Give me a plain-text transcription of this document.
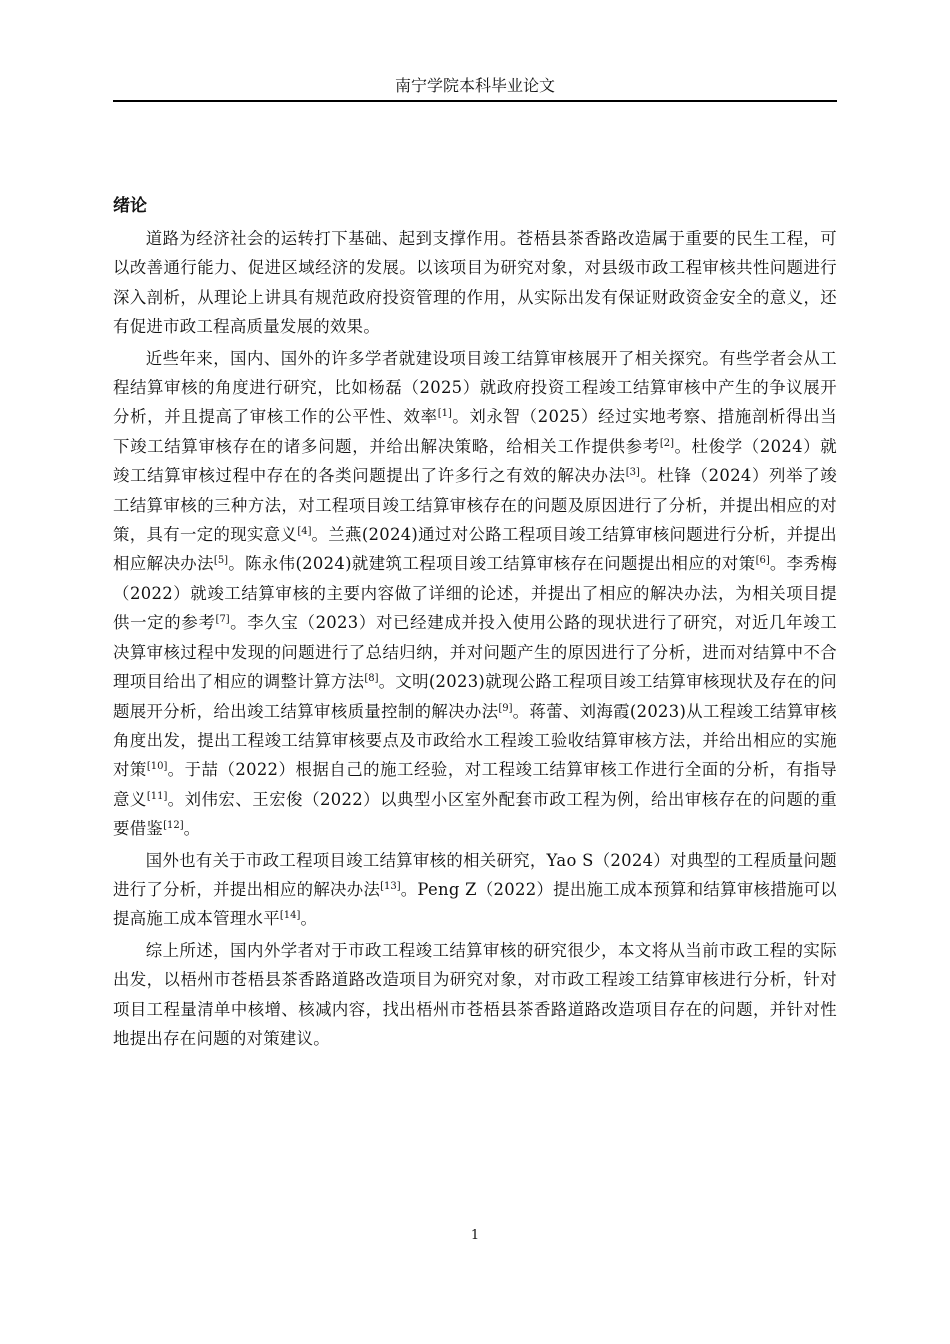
南宁学院本科毕业论文
绪论

道路为经济社会的运转打下基础、起到支撑作用。苍梧县茶香路改造属于重要的民生工程，可以改善通行能力、促进区域经济的发展。以该项目为研究对象，对县级市政工程审核共性问题进行深入剖析，从理论上讲具有规范政府投资管理的作用，从实际出发有保证财政资金安全的意义，还有促进市政工程高质量发展的效果。

近些年来，国内、国外的许多学者就建设项目竣工结算审核展开了相关探究。有些学者会从工程结算审核的角度进行研究，比如杨磊（2025）就政府投资工程竣工结算审核中产生的争议展开分析，并且提高了审核工作的公平性、效率[1]。刘永智（2025）经过实地考察、措施剖析得出当下竣工结算审核存在的诸多问题，并给出解决策略，给相关工作提供参考[2]。杜俊学（2024）就竣工结算审核过程中存在的各类问题提出了许多行之有效的解决办法[3]。杜锋（2024）列举了竣工结算审核的三种方法，对工程项目竣工结算审核存在的问题及原因进行了分析，并提出相应的对策，具有一定的现实意义[4]。兰燕(2024)通过对公路工程项目竣工结算审核问题进行分析，并提出相应解决办法[5]。陈永伟(2024)就建筑工程项目竣工结算审核存在问题提出相应的对策[6]。李秀梅（2022）就竣工结算审核的主要内容做了详细的论述，并提出了相应的解决办法，为相关项目提供一定的参考[7]。李久宝（2023）对已经建成并投入使用公路的现状进行了研究，对近几年竣工决算审核过程中发现的问题进行了总结归纳，并对问题产生的原因进行了分析，进而对结算中不合理项目给出了相应的调整计算方法[8]。文明(2023)就现公路工程项目竣工结算审核现状及存在的问题展开分析，给出竣工结算审核质量控制的解决办法[9]。蒋蕾、刘海霞(2023)从工程竣工结算审核角度出发，提出工程竣工结算审核要点及市政给水工程竣工验收结算审核方法，并给出相应的实施对策[10]。于喆（2022）根据自己的施工经验，对工程竣工结算审核工作进行全面的分析，有指导意义[11]。刘伟宏、王宏俊（2022）以典型小区室外配套市政工程为例，给出审核存在的问题的重要借鉴[12]。

国外也有关于市政工程项目竣工结算审核的相关研究，Yao S（2024）对典型的工程质量问题进行了分析，并提出相应的解决办法[13]。Peng Z（2022）提出施工成本预算和结算审核措施可以提高施工成本管理水平[14]。

综上所述，国内外学者对于市政工程竣工结算审核的研究很少，本文将从当前市政工程的实际出发，以梧州市苍梧县茶香路道路改造项目为研究对象，对市政工程竣工结算审核进行分析，针对项目工程量清单中核增、核减内容，找出梧州市苍梧县茶香路道路改造项目存在的问题，并针对性地提出存在问题的对策建议。

1
